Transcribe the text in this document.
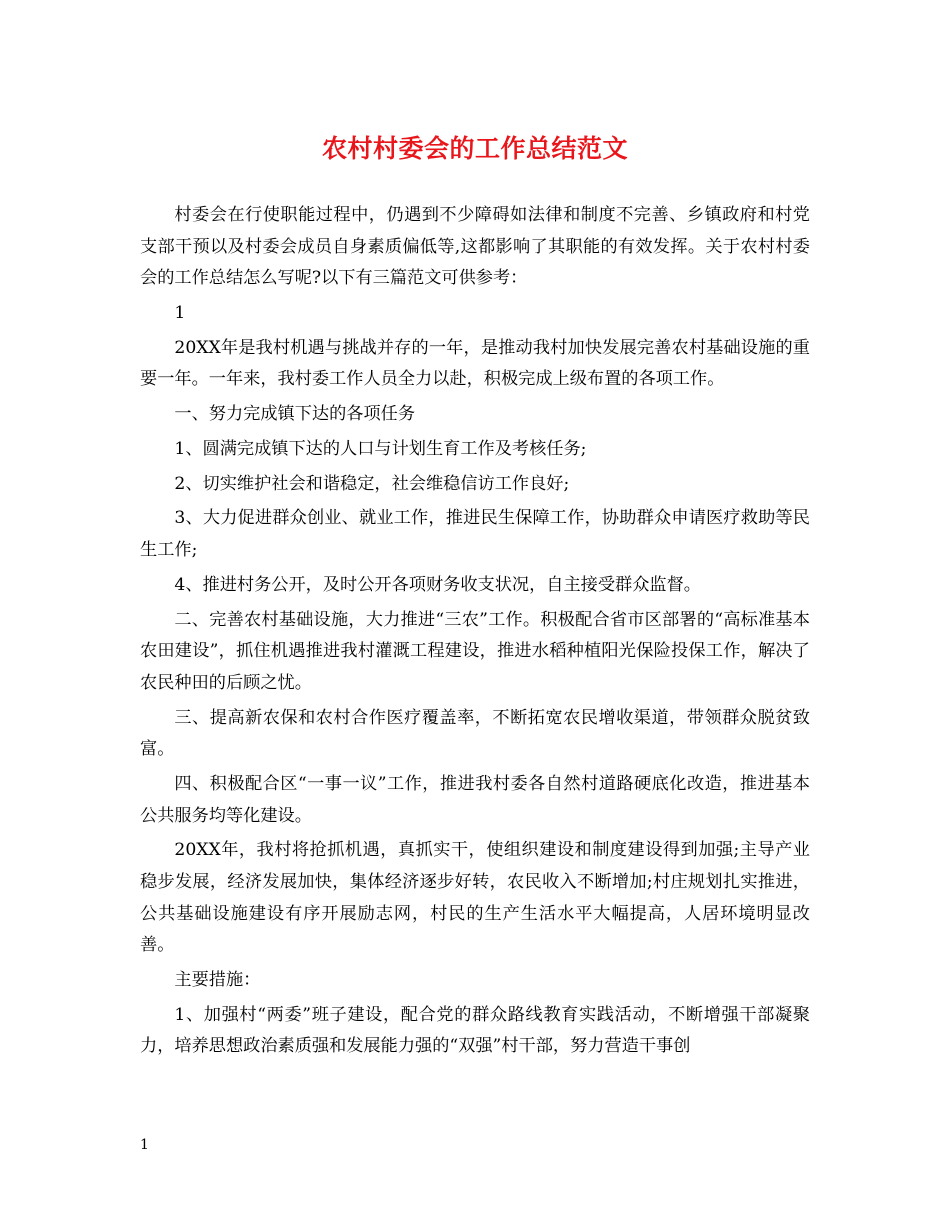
农村村委会的工作总结范文

村委会在行使职能过程中，仍遇到不少障碍如法律和制度不完善、乡镇政府和村党支部干预以及村委会成员自身素质偏低等,这都影响了其职能的有效发挥。关于农村村委会的工作总结怎么写呢?以下有三篇范文可供参考：

1

20XX年是我村机遇与挑战并存的一年，是推动我村加快发展完善农村基础设施的重要一年。一年来，我村委工作人员全力以赴，积极完成上级布置的各项工作。

一、努力完成镇下达的各项任务

1、圆满完成镇下达的人口与计划生育工作及考核任务;

2、切实维护社会和谐稳定，社会维稳信访工作良好;

3、大力促进群众创业、就业工作，推进民生保障工作，协助群众申请医疗救助等民生工作;

4、推进村务公开，及时公开各项财务收支状况，自主接受群众监督。

二、完善农村基础设施，大力推进“三农”工作。积极配合省市区部署的“高标准基本农田建设”，抓住机遇推进我村灌溉工程建设，推进水稻种植阳光保险投保工作，解决了农民种田的后顾之忧。

三、提高新农保和农村合作医疗覆盖率，不断拓宽农民增收渠道，带领群众脱贫致富。

四、积极配合区“一事一议”工作，推进我村委各自然村道路硬底化改造，推进基本公共服务均等化建设。

20XX年，我村将抢抓机遇，真抓实干，使组织建设和制度建设得到加强;主导产业稳步发展，经济发展加快，集体经济逐步好转，农民收入不断增加;村庄规划扎实推进，公共基础设施建设有序开展励志网，村民的生产生活水平大幅提高，人居环境明显改善。

主要措施：

1、加强村“两委”班子建设，配合党的群众路线教育实践活动，不断增强干部凝聚力，培养思想政治素质强和发展能力强的“双强”村干部，努力营造干事创

1
